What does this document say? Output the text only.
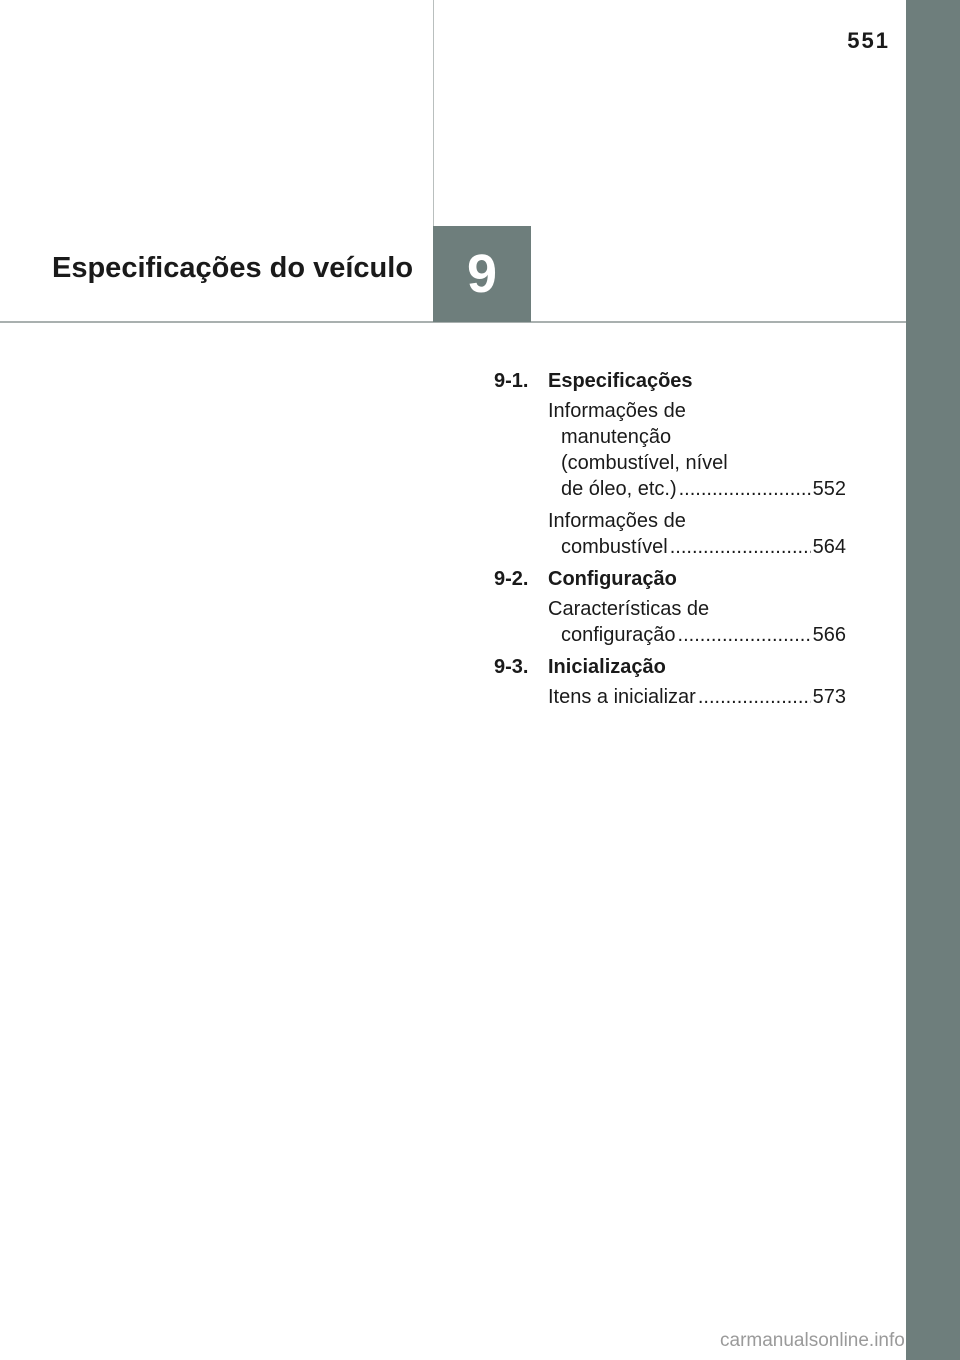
551
Especificações do veículo 9
9-1. Especificações
Informações de
manutenção
(combustível, nível
de óleo, etc.) .....	552
Informações de
combustível .....	564
9-2. Configuração
Características de
configuração .....	566
9-3. Inicialização
Itens a inicializar .....	573
carmanualsonline.info
